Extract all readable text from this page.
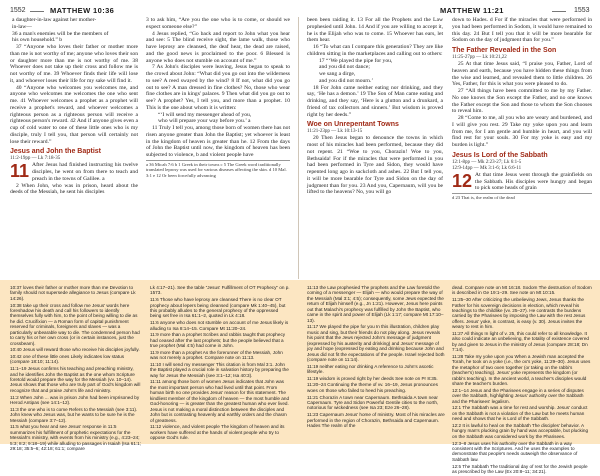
1552	MATTHEW 10:36	MATTHEW 11:21	1553
a daughter-in-law against her mother-
in-law—
36 a man's enemies will be the members of
his own household.” b

37 “Anyone who loves their father or mother more than me is not worthy of me; anyone who loves their son or daughter more than me is not worthy of me. 38 Whoever does not take up their cross and follow me is not worthy of me. 39 Whoever finds their life will lose it, and whoever loses their life for my sake will find it.

40 “Anyone who welcomes you welcomes me, and anyone who welcomes me welcomes the one who sent me. 41 Whoever welcomes a prophet as a prophet will receive a prophet's reward, and whoever welcomes a righteous person as a righteous person will receive a righteous person's reward. 42 And if anyone gives even a cup of cold water to one of these little ones who is my disciple, truly I tell you, that person will certainly not lose their reward.”

Jesus and John the Baptist
11:2-19pp — Lk 7:18-35

11 After Jesus had finished instructing his twelve disciples, he went on from there to teach and preach in the towns of Galilee. a

2 When John, who was in prison, heard about the deeds of the Messiah, he sent his disciples

3 to ask him, “Are you the one who is to come, or should we expect someone else?”

4 Jesus replied, “Go back and report to John what you hear and see: 5 The blind receive sight, the lame walk, those who have leprosy are cleansed, the deaf hear, the dead are raised, and the good news is proclaimed to the poor. 6 Blessed is anyone who does not stumble on account of me.”

7 As John's disciples were leaving, Jesus began to speak to the crowd about John: “What did you go out into the wilderness to see? A reed swayed by the wind? 8 If not, what did you go out to see? A man dressed in fine clothes? No, those who wear fine clothes are in kings' palaces. 9 Then what did you go out to see? A prophet? Yes, I tell you, and more than a prophet. 10 This is the one about whom it is written:

“‘I will send my messenger ahead of you,
who will prepare your way before you.’ a

11 Truly I tell you, among those born of women there has not risen anyone greater than John the Baptist; yet whoever is least in the kingdom of heaven is greater than he. 12 From the days of John the Baptist until now, the kingdom of heaven has been subjected to violence, b and violent people have

a 36 Micah 7:6 b 1 Greek in their towns c 5 The Greek word traditionally translated leprosy was used for various diseases affecting the skin. d 10 Mal. 3:1 e 12 Or been forcefully advancing

been been raiding it. 13 For all the Prophets and the Law prophesied until John. 14 And if you are willing to accept it, he is the Elijah who was to come. 15 Whoever has ears, let them hear.

16 “To what can I compare this generation? They are like children sitting in the marketplaces and calling out to others:

17 “‘We played the pipe for you,
and you did not dance;
we sang a dirge,
and you did not mourn.’

18 For John came neither eating nor drinking, and they say, ‘He has a demon.’ 19 The Son of Man came eating and drinking, and they say, ‘Here is a glutton and a drunkard, a friend of tax collectors and sinners.’ But wisdom is proved right by her deeds.”

Woe on Unrepentant Towns
11:21-23pp — Lk 10:13-15

20 Then Jesus began to denounce the towns in which most of his miracles had been performed, because they did not repent. 21 “Woe to you, Chorazin! Woe to you, Bethsaida! For if the miracles that were performed in you had been performed in Tyre and Sidon, they would have repented long ago in sackcloth and ashes. 22 But I tell you, it will be more bearable for Tyre and Sidon on the day of judgment than for you. 23 And you, Capernaum, will you be lifted to the heavens? No, you will go

down to Hades. d For if the miracles that were performed in you had been performed in Sodom, it would have remained to this day. 24 But I tell you that it will be more bearable for Sodom on the day of judgment than for you.”

The Father Revealed in the Son
11:25-27pp — Lk 10:21,22

25 At that time Jesus said, “I praise you, Father, Lord of heaven and earth, because you have hidden these things from the wise and learned, and revealed them to little children. 26 Yes, Father, for this is what you were pleased to do.

27 “All things have been committed to me by my Father. No one knows the Son except the Father, and no one knows the Father except the Son and those to whom the Son chooses to reveal him.

28 “Come to me, all you who are weary and burdened, and I will give you rest. 29 Take my yoke upon you and learn from me, for I am gentle and humble in heart, and you will find rest for your souls. 30 For my yoke is easy and my burden is light.”

Jesus Is Lord of the Sabbath
12:1-8pp — Mk 2:23-27; Lk 6:1-5
12:9-14pp — Mk 3:1-6; Lk 6:6-11

12 At that time Jesus went through the grainfields on the Sabbath. His disciples were hungry and began to pick some heads of grain

d 23 That is, the realm of the dead
10:37 loves their father or mother more than me Devotion to family should not supersede allegiance to Jesus (compare Lk 14:26).
10:38 take up their cross and follow me Jesus' words here foreshadow his death and call his followers to identify themselves fully with him, to the point of being willing to die as he did. Crucifixion — a Roman form of capital punishment reserved for criminals, foreigners and slaves — was a particularly unbearable way to die. The condemned person had to carry his or her own cross (or in certain instances, just the crossbeam).
10:40 Jesus will reward those who receive his disciples joyfully.
10:42 one of these little ones Likely indicates low status (compare 18:10; 11:14).
11:1–19 Jesus confirms his teaching and preaching ministry, and he identifies John the Baptist as the one whom Scripture foretold would prepare the way for the Messiah (vv. 10–14). Jesus shows that those who are truly part of God's kingdom will recognize that and praise John's life and ministry.
11:2 When John ... was in prison John had been imprisoned by Herod Antipas (see 14:1–12).
11:3 the one who is to come Refers to the Messiah (see 3:11). John knew who Jesus was, but he wants to be sure he is the Messiah (compare 3:7–12).
11:5 what you hear and see Jesus' response in 11:5 summarizes his fulfillment of prophetic expectations for the Messiah's ministry, with events from his ministry (e.g., 4:23–24; 5:3; 8:2; 9:18–19) while alluding to passages in Isaiah (Isa 61:1; 29:18; 35:5–6; 42:18; 61:1; compare
Lk 4:17–21). See the table “Jesus' Fulfillment of OT Prophecy” on p. 1573.
11:6 Those who have leprosy are cleansed There is no clear OT prophecy about lepers being cleansed (compare Mk 1:40–45), but this probably alludes to the general prophecy of the oppressed being set free in Isa 61:1–2, quoted in Lk 4:18.
11:6 anyone who does not stumble on account of me Jesus likely is alluding to Isa 8:14–15. Compare Mt 11:20–24.
11:9 more than a prophet Scribes and rabbis taught that prophecy had ceased after the last prophets; but the people believed that a true prophet (Mal 4:5) had come in John.
11:9 more than a prophet As the forerunner of the Messiah, John was not merely a prophet. Compare note on 11:13.
11:10 I will send my messenger This citation is from Mal 3:1. John the Baptist played a crucial role in salvation history by preparing the way for Jesus the Messiah (see 3:1–12; Isa 40:3).
11:11 among those born of women Jesus indicates that John was the most important person who had lived until that point. From human birth no one provides Jesus' reason for this statement. The kindliest member of the kingdom of heaven — the most humble and God-honoring — is greater than the greatest human who ever lived. Jesus is not making a moral distinction between the disciples and John but is contrasting heavenly and earthly orders and the chasm of greatness.
11:12 violence, and violent people The kingdom of heaven and its workers have suffered at the hands of violent people who try to oppose God's rule.
11:13 the Law prophesied The prophets and the Law foretold the coming of a messenger — Elijah — who would prepare the way of the Messiah (Mal 3:1; 4:5); consequently, some Jews expected the return of Elijah himself (e.g., Jn 1:21). However, Jesus here points out that Malachi's prophecy was fulfilled by John the Baptist, who came in the spirit and power of Elijah (Lk 1:17; compare Mt 17:10–13).
11:17 We played the pipe for you In this illustration, children play music and sing, but their friends do not play along. Jesus reveals his point that the Jews rejected John's message of judgment (expressed by his austerity and drinking) and Jesus' message of joy and hope (expressed by eating and drinking because John and Jesus did not fit the expectations of the people. Israel rejected both (compare note on 11:14).
11:19 neither eating nor drinking A reference to John's ascetic lifestyle.
11:19 wisdom is proved right by her deeds See note on Pr 8:35.
11:20–24 Continuing the theme of vv. 16–19, Jesus pronounces woes on those who failed to heed his preaching.
11:21 Chorazin A town near Capernaum. Bethsaida A town near Capernaum. Tyre and Sidon Powerful Gentile cities to the north, notorious for wickedness (see Isa 23; Eze 26–28).
11:23 Capernaum Jesus' home of ministry. Most of his miracles are performed in the region of Chorazin, Bethsaida and Capernaum. Hades The realm of the
dead. Compare note on Mt 16:18. Sodom The destruction of Sodom is described in Ge 19:1–29. See note on Mt 10:15.
11:25–30 After criticizing the unbelieving Jews, Jesus thanks the Father for his sovereign decisions in election, which reveal his teachings to the childlike (vv. 25–27). He contrasts the burdens carried by the Pharisees by imposing the Law with the rest Jesus offers. Jesus' yoke, in contrast, is easy (v. 30). Jesus invites the weary to rest in him.
11:27 All things In light of v. 25, this could refer to all knowledge. It also could indicate an unbelieving, the totality of existence covered by and given to Jesus in the ministry of Jesus (compare 28:18; Dn 7:14).
11:28 Take my yoke upon you When a Jewish man accepted the Torah, he took on a yoke (i.e., the ox's yoke, 11:29–30). Jesus uses the metaphor of two oxen together (or taking on the rabbi's (teacher's) teaching). Jesus' yoke represents the kingdom (or rabbi's teaching). In the ancient world, a teacher's disciples would share the teacher's burden.
12:1–14 Jesus and the Pharisees engage in a series of disputes over the Sabbath, highlighting Jesus' authority over the Sabbath and the Pharisees' legalism.
12:1 The Sabbath was a time for rest and worship. Jesus' conduct on the Sabbath is not a violation of the Law but he meets human need and shows that he is Lord of the Sabbath.
12:2 It is lawful to heal on the Sabbath The disciples' behavior. A hungry man's plucking grain by hand was acceptable, but plucking on the Sabbath was considered work by the Pharisees.
12:3–8 Jesus uses his authority over the Sabbath in a way consistent with the Scriptures. And he uses the examples to demonstrate that people's needs outweigh the observance of Sabbath law.
12:5 The Sabbath The traditional day of rest for the Jewish people as prescribed by the Law (Ex 20:8–11; 34:21).
